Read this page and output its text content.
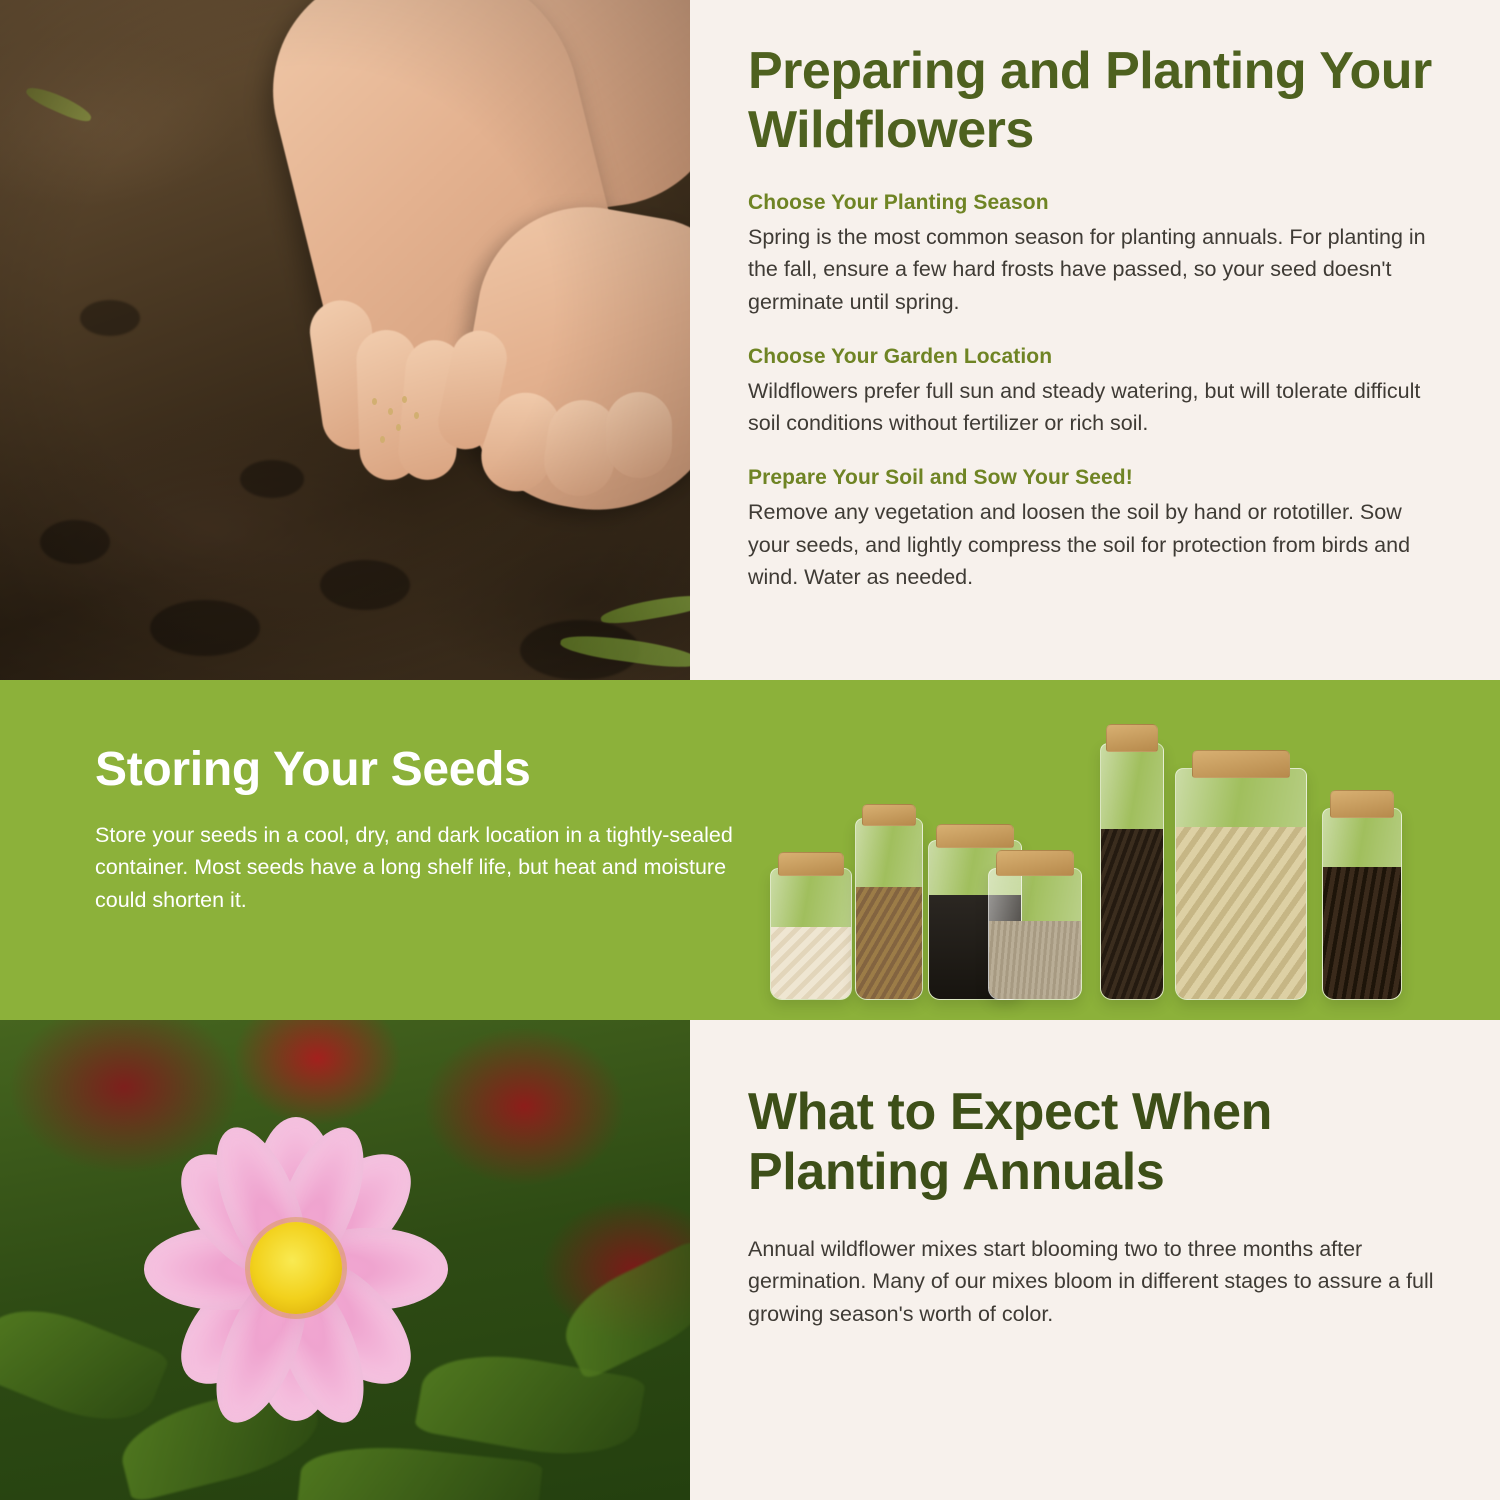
Preparing and Planting Your Wildflowers
Choose Your Planting Season

Spring is the most common season for planting annuals. For planting in the fall, ensure a few hard frosts have passed, so your seed doesn't germinate until spring.

Choose Your Garden Location

Wildflowers prefer full sun and steady watering, but will tolerate difficult soil conditions without fertilizer or rich soil.

Prepare Your Soil and Sow Your Seed!

Remove any vegetation and loosen the soil by hand or rototiller. Sow your seeds, and lightly compress the soil for protection from birds and wind. Water as needed.

Storing Your Seeds

Store your seeds in a cool, dry, and dark location in a tightly-sealed container. Most seeds have a long shelf life, but heat and moisture could shorten it.

What to Expect When Planting Annuals

Annual wildflower mixes start blooming two to three months after germination. Many of our mixes bloom in different stages to assure a full growing season's worth of color.
